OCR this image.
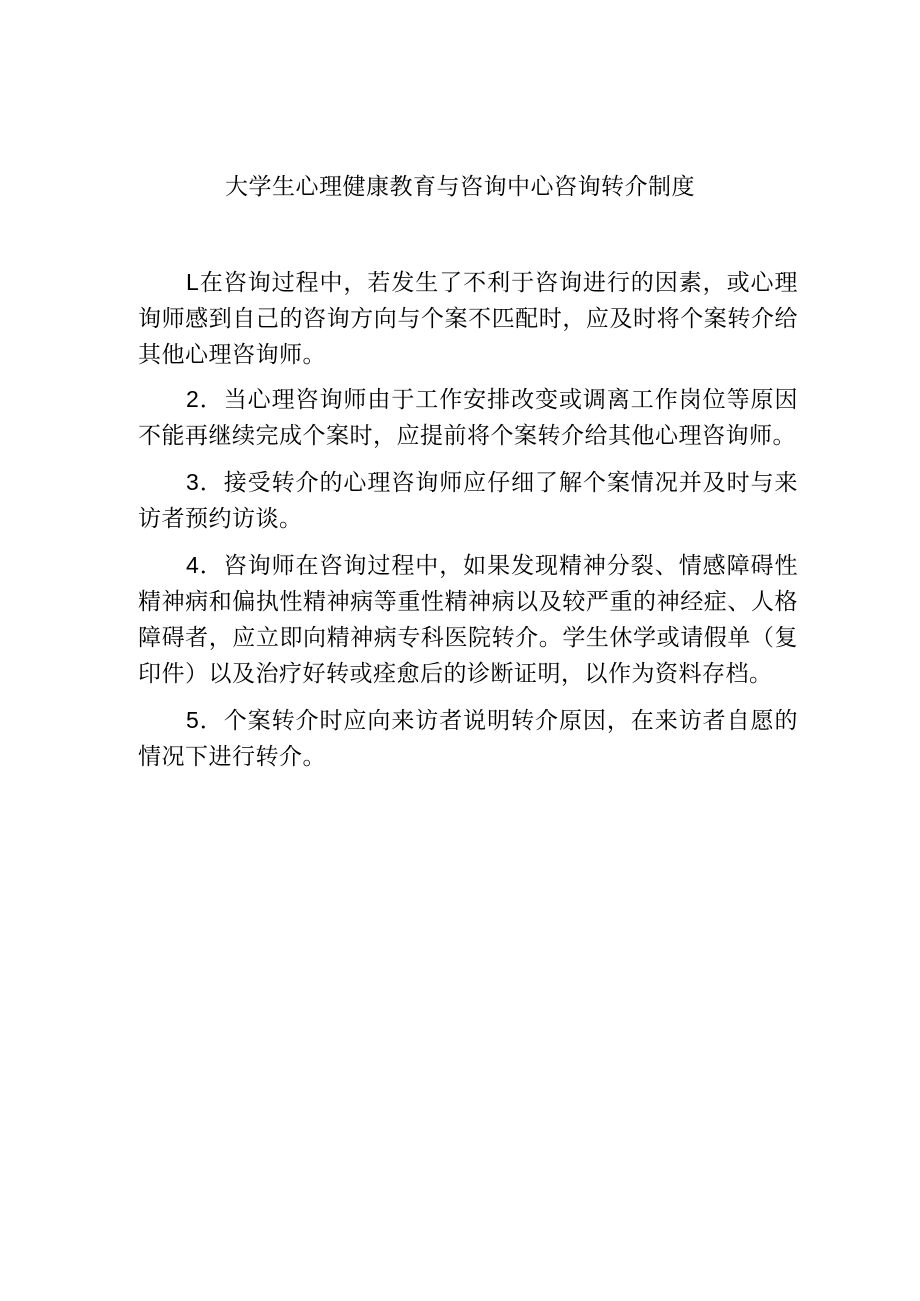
大学生心理健康教育与咨询中心咨询转介制度

L在咨询过程中，若发生了不利于咨询进行的因素，或心理询师感到自己的咨询方向与个案不匹配时，应及时将个案转介给其他心理咨询师。

2．当心理咨询师由于工作安排改变或调离工作岗位等原因不能再继续完成个案时，应提前将个案转介给其他心理咨询师。

3．接受转介的心理咨询师应仔细了解个案情况并及时与来访者预约访谈。

4．咨询师在咨询过程中，如果发现精神分裂、情感障碍性精神病和偏执性精神病等重性精神病以及较严重的神经症、人格障碍者，应立即向精神病专科医院转介。学生休学或请假单（复印件）以及治疗好转或痊愈后的诊断证明，以作为资料存档。

5．个案转介时应向来访者说明转介原因，在来访者自愿的情况下进行转介。
